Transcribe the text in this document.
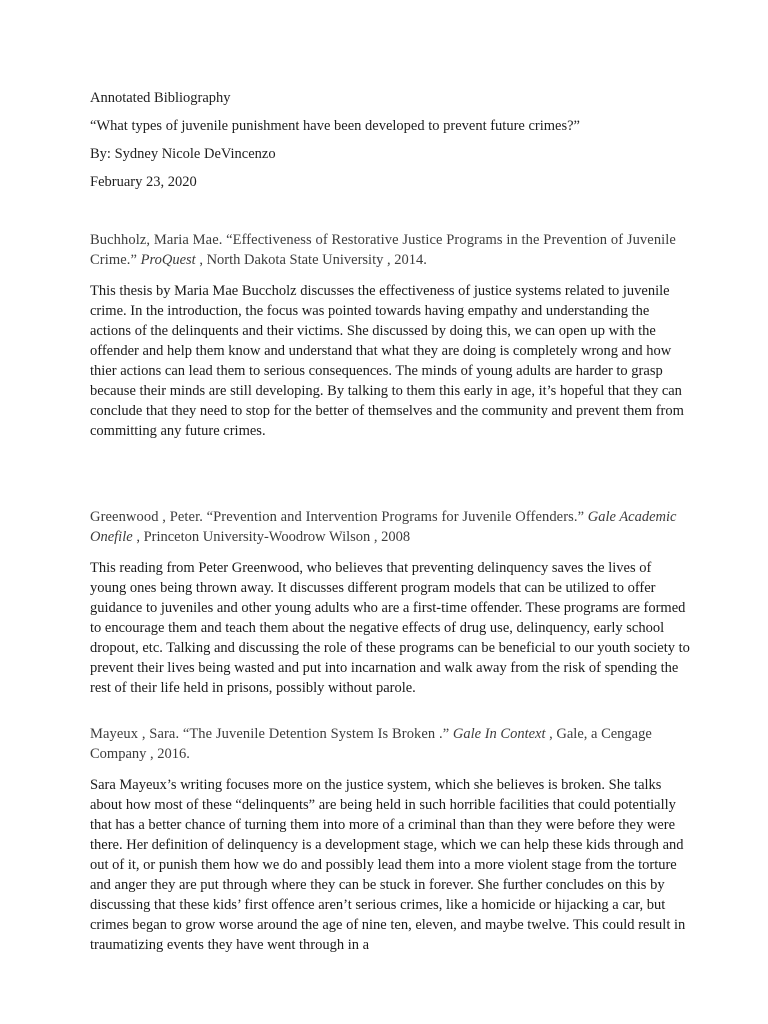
Annotated Bibliography

“What types of juvenile punishment have been developed to prevent future crimes?”

By: Sydney Nicole DeVincenzo

February 23, 2020

Buchholz, Maria Mae. “Effectiveness of Restorative Justice Programs in the Prevention of Juvenile Crime.” ProQuest , North Dakota State University , 2014.

This thesis by Maria Mae Buccholz discusses the effectiveness of justice systems related to juvenile crime. In the introduction, the focus was pointed towards having empathy and understanding the actions of the delinquents and their victims. She discussed by doing this, we can open up with the offender and help them know and understand that what they are doing is completely wrong and how thier actions can lead them to serious consequences. The minds of young adults are harder to grasp because their minds are still developing. By talking to them this early in age, it’s hopeful that they can conclude that they need to stop for the better of themselves and the community and prevent them from committing any future crimes.

Greenwood , Peter. “Prevention and Intervention Programs for Juvenile Offenders.” Gale Academic Onefile , Princeton University-Woodrow Wilson , 2008

This reading from Peter Greenwood, who believes that preventing delinquency saves the lives of young ones being thrown away. It discusses different program models that can be utilized to offer guidance to juveniles and other young adults who are a first-time offender. These programs are formed to encourage them and teach them about the negative effects of drug use, delinquency, early school dropout, etc. Talking and discussing the role of these programs can be beneficial to our youth society to prevent their lives being wasted and put into incarnation and walk away from the risk of spending the rest of their life held in prisons, possibly without parole.

Mayeux , Sara. “The Juvenile Detention System Is Broken .” Gale In Context , Gale, a Cengage Company , 2016.

Sara Mayeux’s writing focuses more on the justice system, which she believes is broken. She talks about how most of these “delinquents” are being held in such horrible facilities that could potentially that has a better chance of turning them into more of a criminal than than they were before they were there. Her definition of delinquency is a development stage, which we can help these kids through and out of it, or punish them how we do and possibly lead them into a more violent stage from the torture and anger they are put through where they can be stuck in forever. She further concludes on this by discussing that these kids’ first offence aren’t serious crimes, like a homicide or hijacking a car, but crimes began to grow worse around the age of nine ten, eleven, and maybe twelve. This could result in traumatizing events they have went through in a
